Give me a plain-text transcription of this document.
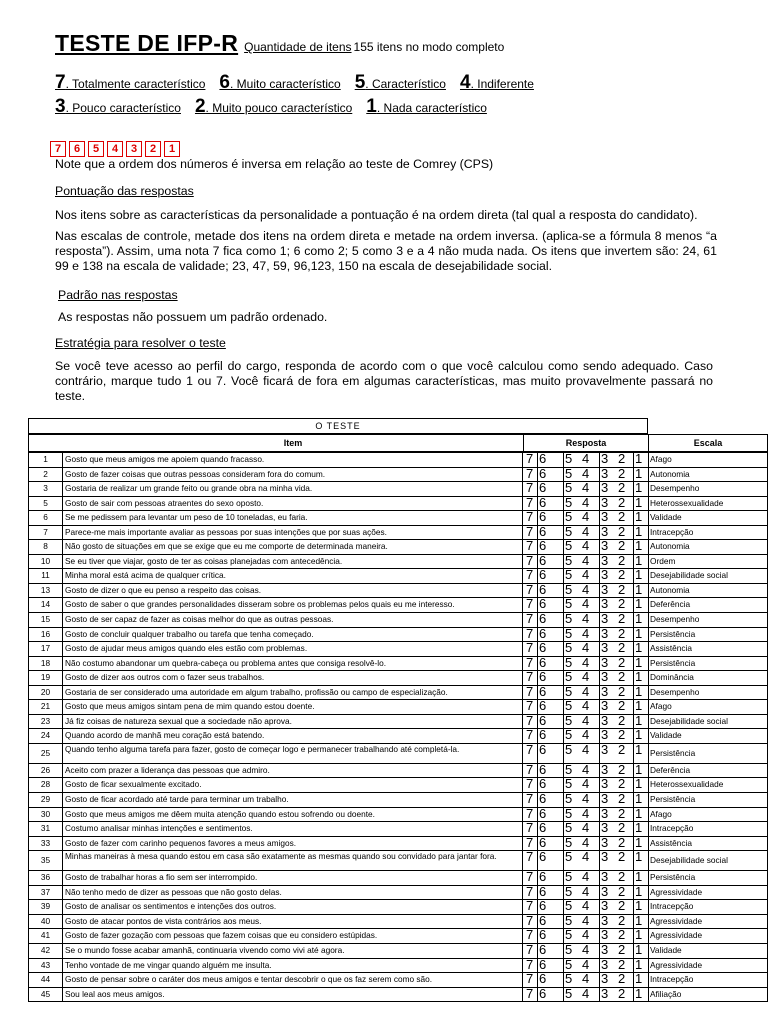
TESTE DE IFP-R Quantidade de itens 155 itens no modo completo
7. Totalmente característico 6. Muito característico 5. Característico 4. Indiferente
3. Pouco característico 2. Muito pouco característico 1. Nada característico
7	6	5	4	3	2	1
Note que a ordem dos números é inversa em relação ao teste de Comrey (CPS)
Pontuação das respostas
Nos itens sobre as características da personalidade a pontuação é na ordem direta (tal qual a resposta do candidato).
Nas escalas de controle, metade dos itens na ordem direta e metade na ordem inversa. (aplica-se a fórmula 8 menos “a resposta”). Assim, uma nota 7 fica como 1; 6 como 2; 5 como 3 e a 4 não muda nada. Os itens que invertem são: 24, 61 99 e 138 na escala de validade; 23, 47, 59, 96,123, 150 na escala de desejabilidade social.
Padrão nas respostas
As respostas não possuem um padrão ordenado.
Estratégia para resolver o teste
Se você teve acesso ao perfil do cargo, responda de acordo com o que você calculou como sendo adequado. Caso contrário, marque tudo 1 ou 7. Você ficará de fora em algumas características, mas muito provavelmente passará no teste.
O TESTE
Item	Resposta	Escala
1	Gosto que meus amigos me apoiem quando fracasso.	7 6	5 4 3 2 1 Afago
2	Gosto de fazer coisas que outras pessoas consideram fora do comum.	7 6	5 4 3 2 1 Autonomia
3	Gostaria de realizar um grande feito ou grande obra na minha vida.	7 6	5 4 3 2 1 Desempenho
5	Gosto de sair com pessoas atraentes do sexo oposto.	7 6	5 4 3 2 1 Heterossexualidade
6	Se me pedissem para levantar um peso de 10 toneladas, eu faria.	7 6	5 4 3 2 1 Validade
7	Parece-me mais importante avaliar as pessoas por suas intenções que por suas ações.	7 6	5 4 3 2 1 Intracepção
8	Não gosto de situações em que se exige que eu me comporte de determinada maneira.	7 6	5 4 3 2 1 Autonomia
10	Se eu tiver que viajar, gosto de ter as coisas planejadas com antecedência.	7 6	5 4 3 2 1 Ordem
11	Minha moral está acima de qualquer crítica.	7 6	5 4 3 2 1 Desejabilidade social
13	Gosto de dizer o que eu penso a respeito das coisas.	7 6	5 4 3 2 1 Autonomia
14	Gosto de saber o que grandes personalidades disseram sobre os problemas pelos quais eu me interesso.	7 6	5 4 3 2 1 Deferência
15	Gosto de ser capaz de fazer as coisas melhor do que as outras pessoas.	7 6	5 4 3 2 1 Desempenho
16	Gosto de concluir qualquer trabalho ou tarefa que tenha começado.	7 6	5 4 3 2 1 Persistência
17	Gosto de ajudar meus amigos quando eles estão com problemas.	7 6	5 4 3 2 1 Assistência
18	Não costumo abandonar um quebra-cabeça ou problema antes que consiga resolvê-lo.	7 6	5 4 3 2 1 Persistência
19	Gosto de dizer aos outros com o fazer seus trabalhos.	7 6	5 4 3 2 1 Dominância
20	Gostaria de ser considerado uma autoridade em algum trabalho, profissão ou campo de especialização.	7 6	5 4 3 2 1 Desempenho
21	Gosto que meus amigos sintam pena de mim quando estou doente.	7 6	5 4 3 2 1 Afago
23	Já fiz coisas de natureza sexual que a sociedade não aprova.	7 6	5 4 3 2 1 Desejabilidade social
24	Quando acordo de manhã meu coração está batendo.	7 6	5 4 3 2 1 Validade
25	Quando tenho alguma tarefa para fazer, gosto de começar logo e permanecer trabalhando até completá-la.	7 6	5 4 3 2 1 Persistência
26	Aceito com prazer a liderança das pessoas que admiro.	7 6	5 4 3 2 1 Deferência
28	Gosto de ficar sexualmente excitado.	7 6	5 4 3 2 1 Heterossexualidade
29	Gosto de ficar acordado até tarde para terminar um trabalho.	7 6	5 4 3 2 1 Persistência
30	Gosto que meus amigos me dêem muita atenção quando estou sofrendo ou doente.	7 6	5 4 3 2 1 Afago
31	Costumo analisar minhas intenções e sentimentos.	7 6	5 4 3 2 1 Intracepção
33	Gosto de fazer com carinho pequenos favores a meus amigos.	7 6	5 4 3 2 1 Assistência
35	Minhas maneiras à mesa quando estou em casa são exatamente as mesmas quando sou convidado para jantar fora.	7 6	5 4 3 2 1 Desejabilidade social
36	Gosto de trabalhar horas a fio sem ser interrompido.	7 6	5 4 3 2 1 Persistência
37	Não tenho medo de dizer as pessoas que não gosto delas.	7 6	5 4 3 2 1 Agressividade
39	Gosto de analisar os sentimentos e intenções dos outros.	7 6	5 4 3 2 1 Intracepção
40	Gosto de atacar pontos de vista contrários aos meus.	7 6	5 4 3 2 1 Agressividade
41	Gosto de fazer gozação com pessoas que fazem coisas que eu considero estúpidas.	7 6	5 4 3 2 1 Agressividade
42	Se o mundo fosse acabar amanhã, continuaria vivendo como vivi até agora.	7 6	5 4 3 2 1 Validade
43	Tenho vontade de me vingar quando alguém me insulta.	7 6	5 4 3 2 1 Agressividade
44	Gosto de pensar sobre o caráter dos meus amigos e tentar descobrir o que os faz serem como são.	7 6	5 4 3 2 1 Intracepção
45	Sou leal aos meus amigos.	7 6	5 4 3 2 1 Afiliação
